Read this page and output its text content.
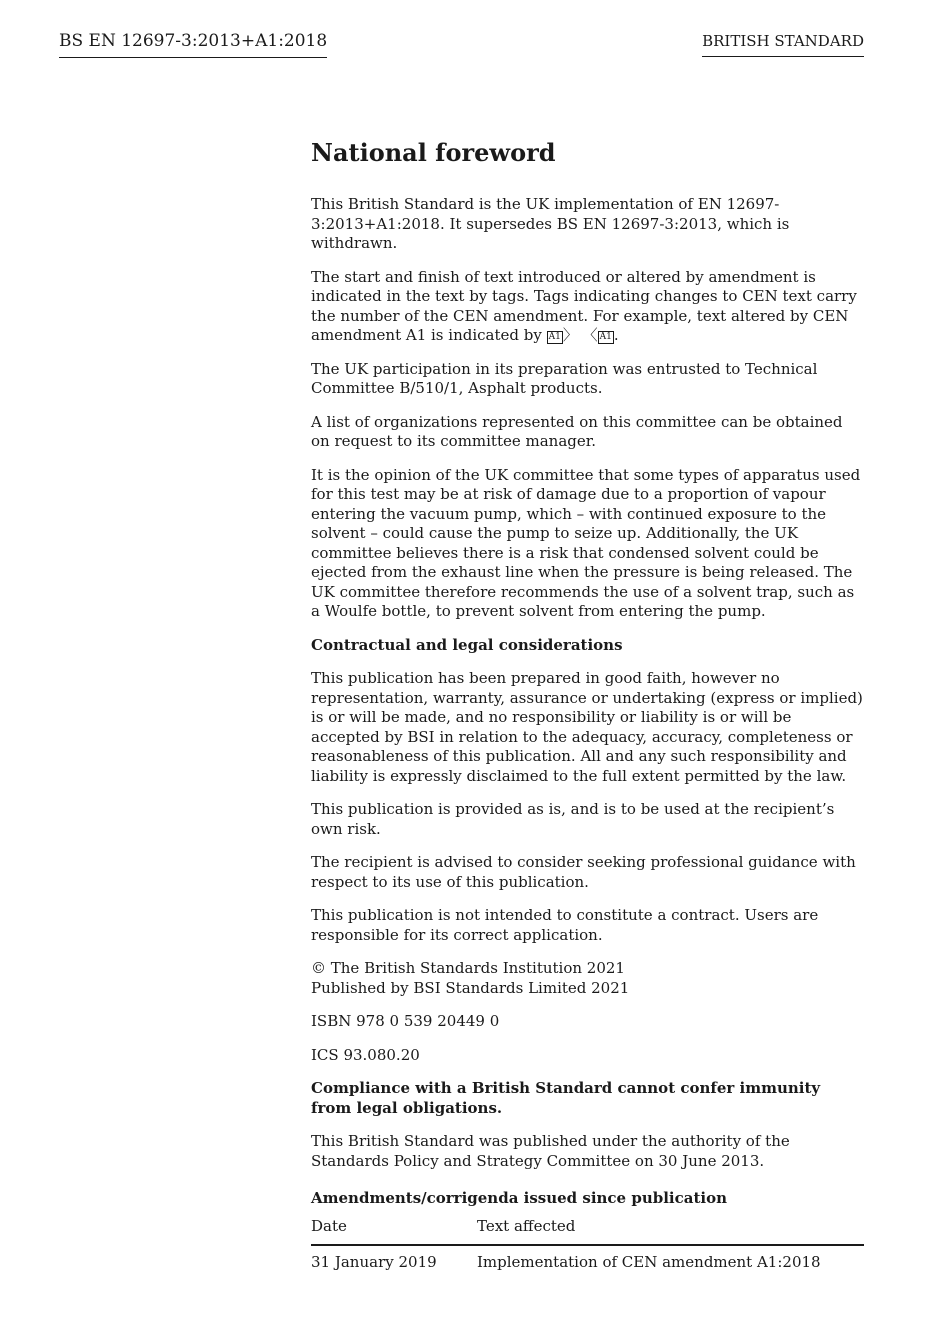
BS EN 12697-3:2013+A1:2018	BRITISH STANDARD
National foreword

This British Standard is the UK implementation of EN 12697-3:2013+A1:2018. It supersedes BS EN 12697-3:2013, which is withdrawn.

The start and finish of text introduced or altered by amendment is indicated in the text by tags. Tags indicating changes to CEN text carry the number of the CEN amendment. For example, text altered by CEN amendment A1 is indicated by A1 〉 〈 A1 .

The UK participation in its preparation was entrusted to Technical Committee B/510/1, Asphalt products.

A list of organizations represented on this committee can be obtained on request to its committee manager.

It is the opinion of the UK committee that some types of apparatus used for this test may be at risk of damage due to a proportion of vapour entering the vacuum pump, which – with continued exposure to the solvent – could cause the pump to seize up. Additionally, the UK committee believes there is a risk that condensed solvent could be ejected from the exhaust line when the pressure is being released. The UK committee therefore recommends the use of a solvent trap, such as a Woulfe bottle, to prevent solvent from entering the pump.

Contractual and legal considerations

This publication has been prepared in good faith, however no representation, warranty, assurance or undertaking (express or implied) is or will be made, and no responsibility or liability is or will be accepted by BSI in relation to the adequacy, accuracy, completeness or reasonableness of this publication. All and any such responsibility and liability is expressly disclaimed to the full extent permitted by the law.

This publication is provided as is, and is to be used at the recipient’s own risk.

The recipient is advised to consider seeking professional guidance with respect to its use of this publication.

This publication is not intended to constitute a contract. Users are responsible for its correct application.

© The British Standards Institution 2021
Published by BSI Standards Limited 2021

ISBN 978 0 539 20449 0

ICS 93.080.20

Compliance with a British Standard cannot confer immunity from legal obligations.

This British Standard was published under the authority of the Standards Policy and Strategy Committee on 30 June 2013.

Amendments/corrigenda issued since publication

Date	Text affected
31 January 2019	Implementation of CEN amendment A1:2018
